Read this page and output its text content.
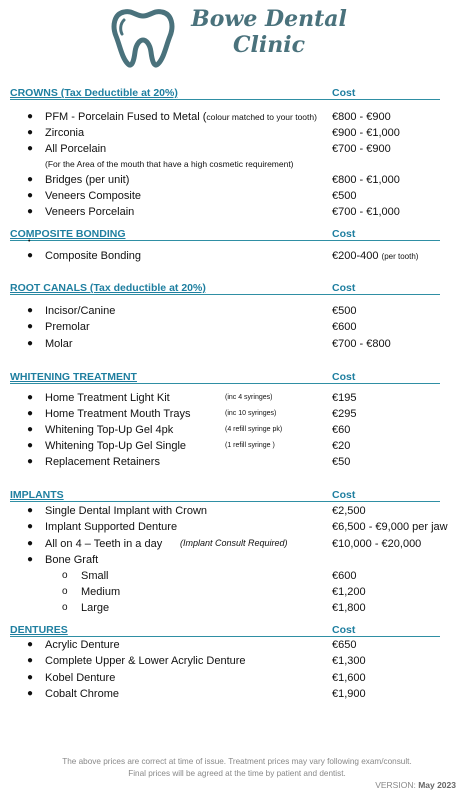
Bowe Dental
Clinic
CROWNS (Tax Deductible at 20%)	Cost
● PFM - Porcelain Fused to Metal (colour matched to your tooth) €800 - €900
● Zirconia	€900 - €1,000
● All Porcelain	€700 - €900
(For the Area of the mouth that have a high cosmetic requirement)
● Bridges (per unit)	€800 - €1,000
● Veneers Composite	€500
● Veneers Porcelain	€700 - €1,000
COMPOSITE BONDING	Cost
•
● Composite Bonding	€200-400 (per tooth)
ROOT CANALS (Tax deductible at 20%)	Cost
● Incisor/Canine	€500
● Premolar	€600
● Molar	€700 - €800
WHITENING TREATMENT	Cost
● Home Treatment Light Kit	(inc 4 syringes)	€195
● Home Treatment Mouth Trays	(inc 10 syringes)	€295
● Whitening Top-Up Gel 4pk	(4 refill syringe pk)	€60
● Whitening Top-Up Gel Single	(1 refill syringe )	€20
● Replacement Retainers	€50
IMPLANTS	Cost
● Single Dental Implant with Crown	€2,500
● Implant Supported Denture	€6,500 - €9,000 per jaw
● All on 4 – Teeth in a day (Implant Consult Required)	€10,000 - €20,000
● Bone Graft
o Small	€600
o Medium	€1,200
o Large	€1,800
DENTURES	Cost
● Acrylic Denture	€650
● Complete Upper & Lower Acrylic Denture	€1,300
● Kobel Denture	€1,600
● Cobalt Chrome	€1,900
The above prices are correct at time of issue. Treatment prices may vary following exam/consult.
Final prices will be agreed at the time by patient and dentist.
VERSION: May 2023
